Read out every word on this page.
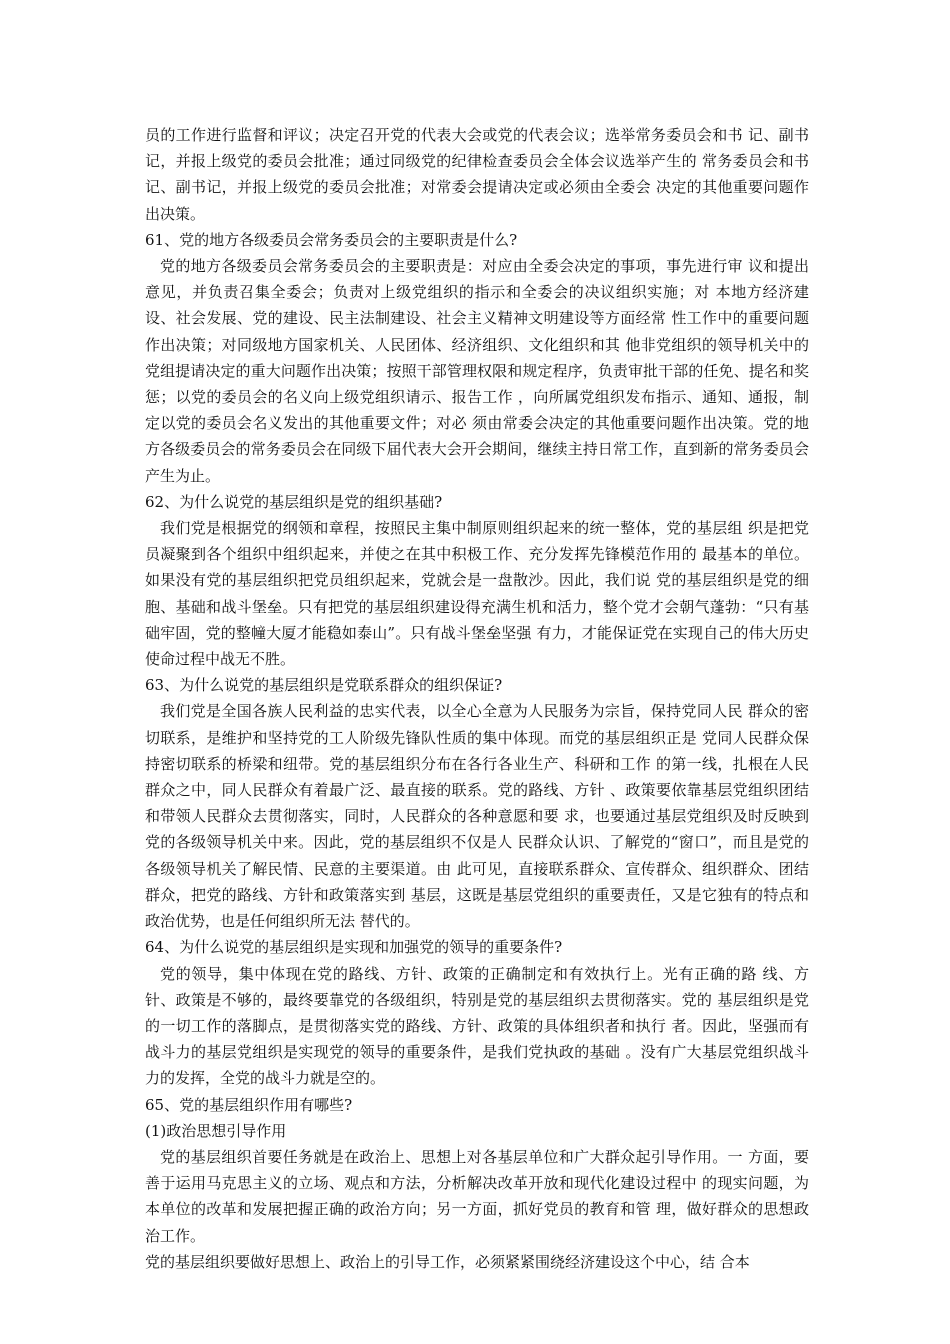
员的工作进行监督和评议；决定召开党的代表大会或党的代表会议；选举常务委员会和书 记、副书记，并报上级党的委员会批准；通过同级党的纪律检查委员会全体会议选举产生的 常务委员会和书记、副书记，并报上级党的委员会批准；对常委会提请决定或必须由全委会 决定的其他重要问题作出决策。

61、党的地方各级委员会常务委员会的主要职责是什么?

党的地方各级委员会常务委员会的主要职责是：对应由全委会决定的事项，事先进行审 议和提出意见，并负责召集全委会；负责对上级党组织的指示和全委会的决议组织实施；对 本地方经济建设、社会发展、党的建设、民主法制建设、社会主义精神文明建设等方面经常 性工作中的重要问题作出决策；对同级地方国家机关、人民团体、经济组织、文化组织和其 他非党组织的领导机关中的党组提请决定的重大问题作出决策；按照干部管理权限和规定程序，负责审批干部的任免、提名和奖惩；以党的委员会的名义向上级党组织请示、报告工作 ，向所属党组织发布指示、通知、通报，制定以党的委员会名义发出的其他重要文件；对必 须由常委会决定的其他重要问题作出决策。党的地方各级委员会的常务委员会在同级下届代表大会开会期间，继续主持日常工作，直到新的常务委员会产生为止。

62、为什么说党的基层组织是党的组织基础?

我们党是根据党的纲领和章程，按照民主集中制原则组织起来的统一整体，党的基层组 织是把党员凝聚到各个组织中组织起来，并使之在其中积极工作、充分发挥先锋模范作用的 最基本的单位。如果没有党的基层组织把党员组织起来，党就会是一盘散沙。因此，我们说 党的基层组织是党的细胞、基础和战斗堡垒。只有把党的基层组织建设得充满生机和活力，整个党才会朝气蓬勃：“只有基础牢固，党的整幢大厦才能稳如泰山”。只有战斗堡垒坚强 有力，才能保证党在实现自己的伟大历史使命过程中战无不胜。

63、为什么说党的基层组织是党联系群众的组织保证?

我们党是全国各族人民利益的忠实代表，以全心全意为人民服务为宗旨，保持党同人民 群众的密切联系，是维护和坚持党的工人阶级先锋队性质的集中体现。而党的基层组织正是 党同人民群众保持密切联系的桥梁和纽带。党的基层组织分布在各行各业生产、科研和工作 的第一线，扎根在人民群众之中，同人民群众有着最广泛、最直接的联系。党的路线、方针 、政策要依靠基层党组织团结和带领人民群众去贯彻落实，同时，人民群众的各种意愿和要 求，也要通过基层党组织及时反映到党的各级领导机关中来。因此，党的基层组织不仅是人 民群众认识、了解党的“窗口”，而且是党的各级领导机关了解民情、民意的主要渠道。由 此可见，直接联系群众、宣传群众、组织群众、团结群众，把党的路线、方针和政策落实到 基层，这既是基层党组织的重要责任，又是它独有的特点和政治优势，也是任何组织所无法 替代的。

64、为什么说党的基层组织是实现和加强党的领导的重要条件?

党的领导，集中体现在党的路线、方针、政策的正确制定和有效执行上。光有正确的路 线、方针、政策是不够的，最终要靠党的各级组织，特别是党的基层组织去贯彻落实。党的 基层组织是党的一切工作的落脚点，是贯彻落实党的路线、方针、政策的具体组织者和执行 者。因此，坚强而有战斗力的基层党组织是实现党的领导的重要条件，是我们党执政的基础 。没有广大基层党组织战斗力的发挥，全党的战斗力就是空的。

65、党的基层组织作用有哪些?

(1)政治思想引导作用

党的基层组织首要任务就是在政治上、思想上对各基层单位和广大群众起引导作用。一 方面，要善于运用马克思主义的立场、观点和方法，分析解决改革开放和现代化建设过程中 的现实问题，为本单位的改革和发展把握正确的政治方向；另一方面，抓好党员的教育和管 理，做好群众的思想政治工作。

党的基层组织要做好思想上、政治上的引导工作，必须紧紧围绕经济建设这个中心，结 合本
